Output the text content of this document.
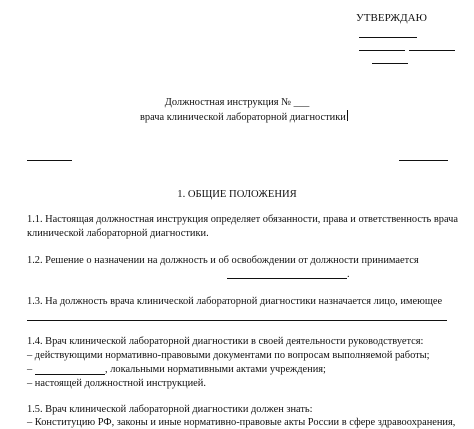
УТВЕРЖДАЮ
Должностная инструкция № ___
врача клинической лабораторной диагностики
1. ОБЩИЕ ПОЛОЖЕНИЯ
1.1. Настоящая должностная инструкция определяет обязанности, права и ответственность врача
клинической лабораторной диагностики.
1.2. Решение о назначении на должность и об освобождении от должности принимается
.
1.3. На должность врача клинической лабораторной диагностики назначается лицо, имеющее
1.4. Врач клинической лабораторной диагностики в своей деятельности руководствуется:
– действующими нормативно-правовыми документами по вопросам выполняемой работы;
–	, локальными нормативными актами учреждения;
– настоящей должностной инструкцией.
1.5. Врач клинической лабораторной диагностики должен знать:
– Конституцию РФ, законы и иные нормативно-правовые акты России в сфере здравоохранения,
